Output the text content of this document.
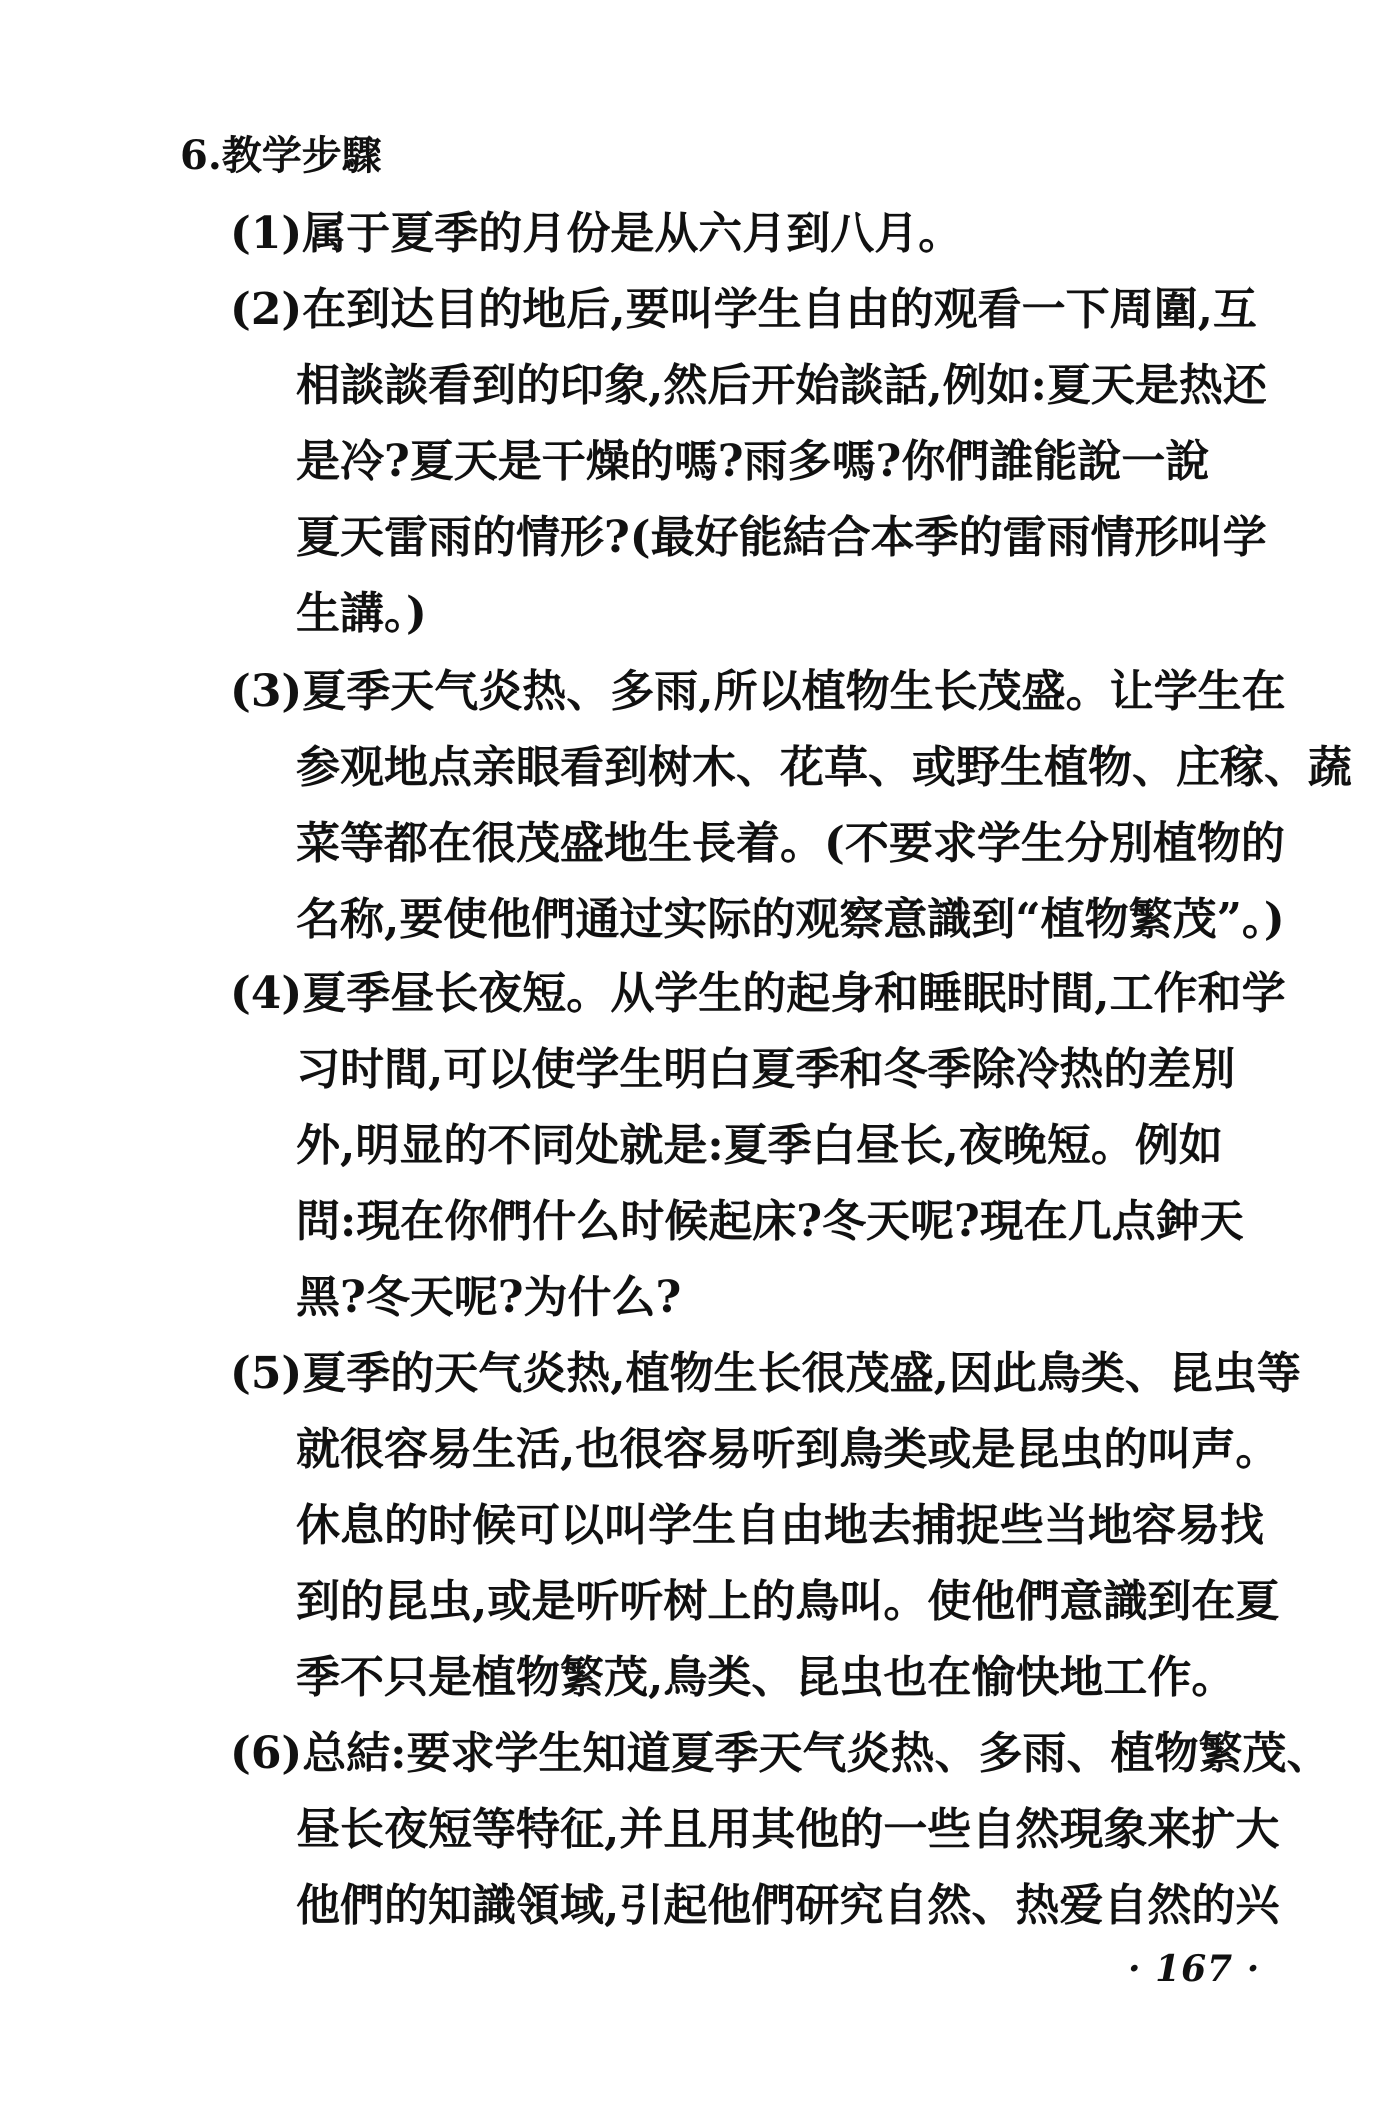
6.教学步驟
(1)属于夏季的月份是从六月到八月。
(2)在到达目的地后,要叫学生自由的观看一下周圍,互
相談談看到的印象,然后开始談話,例如:夏天是热还
是冷?夏天是干燥的嗎?雨多嗎?你們誰能說一說
夏天雷雨的情形?(最好能結合本季的雷雨情形叫学
生講。)
(3)夏季天气炎热、多雨,所以植物生长茂盛。让学生在
参观地点亲眼看到树木、花草、或野生植物、庄稼、蔬
菜等都在很茂盛地生長着。(不要求学生分別植物的
名称,要使他們通过实际的观察意識到“植物繁茂”。)
(4)夏季昼长夜短。从学生的起身和睡眠时間,工作和学
习时間,可以使学生明白夏季和冬季除冷热的差別
外,明显的不同处就是:夏季白昼长,夜晚短。例如
問:現在你們什么时候起床?冬天呢?現在几点鈡天
黑?冬天呢?为什么?
(5)夏季的天气炎热,植物生长很茂盛,因此鳥类、昆虫等
就很容易生活,也很容易听到鳥类或是昆虫的叫声。
休息的时候可以叫学生自由地去捕捉些当地容易找
到的昆虫,或是听听树上的鳥叫。使他們意識到在夏
季不只是植物繁茂,鳥类、昆虫也在愉快地工作。
(6)总結:要求学生知道夏季天气炎热、多雨、植物繁茂、
昼长夜短等特征,并且用其他的一些自然現象来扩大
他們的知識領域,引起他們研究自然、热爱自然的兴
· 167 ·
